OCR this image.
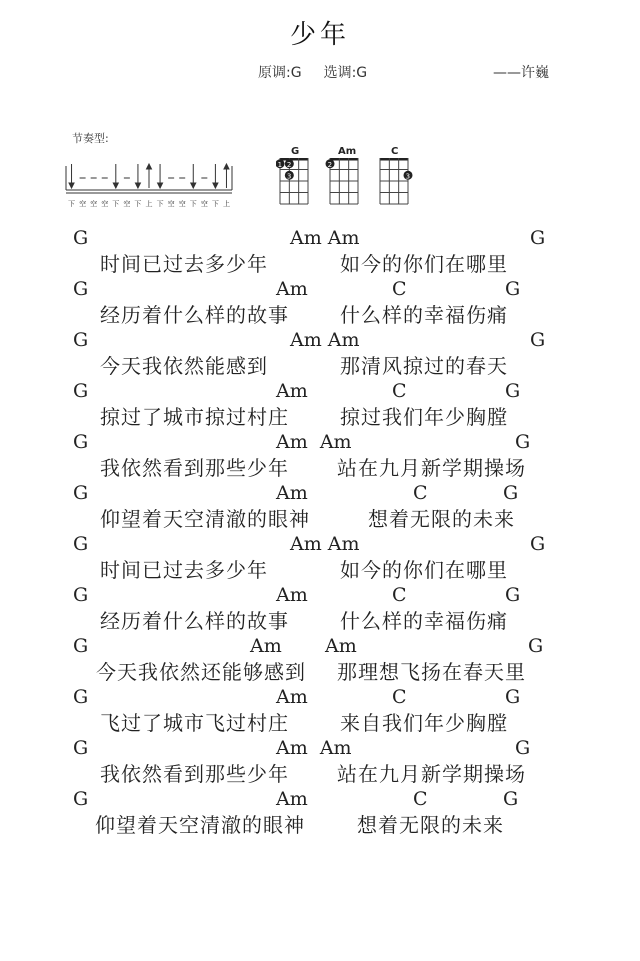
少年
原调:G 选调:G	——许巍
节奏型:
下 空 空 空 下 空 下 上 下 空 空 下 空 下 上
G
1 2
3
Am
2
C
3
G	Am Am	G
时间已过去多少年	如今的你们在哪里
G	Am	C	G
经历着什么样的故事	什么样的幸福伤痛
G	Am Am	G
今天我依然能感到	那清风掠过的春天
G	Am	C	G
掠过了城市掠过村庄	掠过我们年少胸膛
G	Am  Am	G
我依然看到那些少年 站在九月新学期操场
G	Am	C	G
仰望着天空清澈的眼神	想着无限的未来
G	Am Am	G
时间已过去多少年	如今的你们在哪里
G	Am	C	G
经历着什么样的故事	什么样的幸福伤痛
G	Am Am	G
今天我依然还能够感到 那理想飞扬在春天里
G	Am	C	G
飞过了城市飞过村庄	来自我们年少胸膛
G	Am  Am	G
我依然看到那些少年 站在九月新学期操场
G	Am	C	G
仰望着天空清澈的眼神	想着无限的未来
